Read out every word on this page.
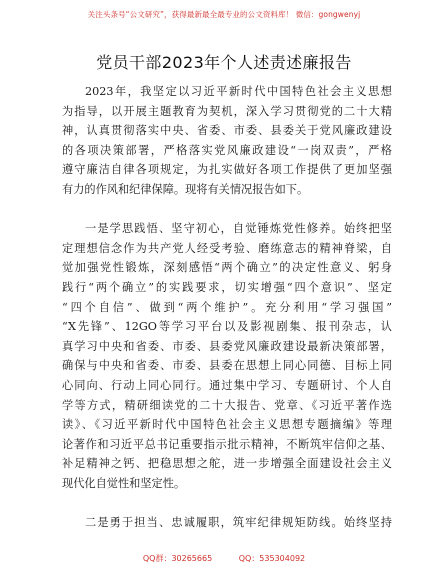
关注头条号“公文研究”，获得最新最全最专业的公文资料库！ 微信：gongwenyj
党员干部2023年个人述责述廉报告
2023年，我坚定以习近平新时代中国特色社会主义思想
为指导，以开展主题教育为契机，深入学习贯彻党的二十大精
神，认真贯彻落实中央、省委、市委、县委关于党风廉政建设
的各项决策部署，严格落实党风廉政建设“一岗双责”，严格
遵守廉洁自律各项规定，为扎实做好各项工作提供了更加坚强
有力的作风和纪律保障。现将有关情况报告如下。
一是学思践悟、坚守初心，自觉锤炼党性修养。始终把坚
定理想信念作为共产党人经受考验、磨练意志的精神脊梁，自
觉加强党性锻炼，深刻感悟“两个确立”的决定性意义、躬身
践行“两个确立”的实践要求，切实增强“四个意识”、坚定
“四个自信”、做到“两个维护”。充分利用“学习强国”
“X先锋”、12GO等学习平台以及影视剧集、报刊杂志，认
真学习中央和省委、市委、县委党风廉政建设最新决策部署，
确保与中央和省委、市委、县委在思想上同心同德、目标上同
心同向、行动上同心同行。通过集中学习、专题研讨、个人自
学等方式，精研细读党的二十大报告、党章、《习近平著作选
读》、《习近平新时代中国特色社会主义思想专题摘编》等理
论著作和习近平总书记重要指示批示精神，不断筑牢信仰之基、
补足精神之钙、把稳思想之舵，进一步增强全面建设社会主义
现代化自觉性和坚定性。
二是勇于担当、忠诚履职，筑牢纪律规矩防线。始终坚持
QQ群：30265665	QQ：535304092
